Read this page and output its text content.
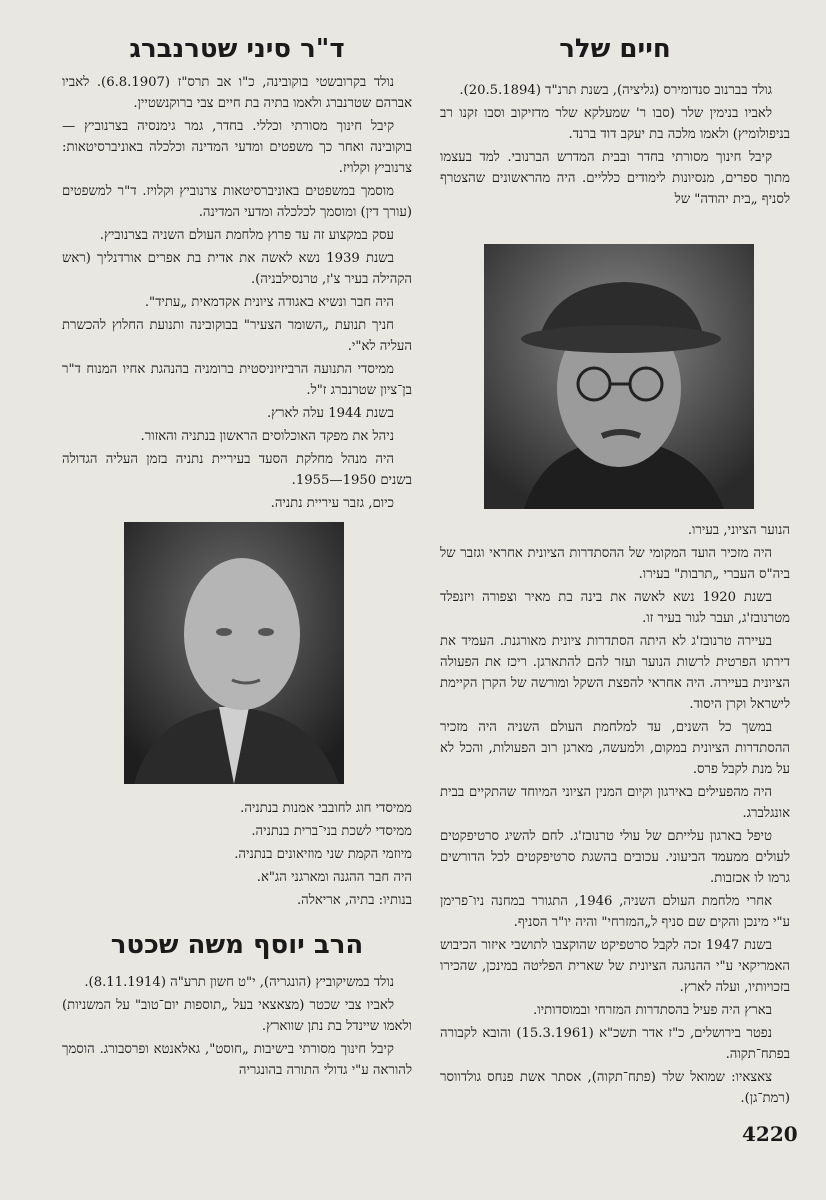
חיים שלר

גולד בברנוב סנדומירס (גליציה), בשנת תרנ"ד (20.5.1894).

לאביו בנימין שלר (סבו ר' שמעלקא שלר מדזיקוב וסבו זקנו רב בניפולומיץ) ולאמו מלכה בת יעקב דוד ברנד.

קיבל חינוך מסורתי בחדר ובבית המדרש הברנובי. למד בעצמו מתוך ספרים, מנסיונות לימודים כלליים. היה מהראשונים שהצטרף לסניף „בית יהודה" של

הנוער הציוני, בעירו.

היה מזכיר הועד המקומי של ההסתדרות הציונית אחראי וגזבר של ביה"ס העברי „תרבות" בעירו.

בשנת 1920 נשא לאשה את בינה בת מאיר וצפורה ויזנפלד מטרנובז'ג, ועבר לגור בעיר זו.

בעיירה טרנובז'ג לא היתה הסתדרות ציונית מאורגנת. העמיד את דירתו הפרטית לרשות הנוער ועזר להם להתארגן. ריכז את הפעולה הציונית בעיירה. היה אחראי להפצת השקל ומורשה של הקרן הקיימת לישראל וקרן היסוד.

במשך כל השנים, עד למלחמת העולם השניה היה מזכיר ההסתדרות הציונית במקום, ולמעשה, מארגן רוב הפעולות, והכל לא על מנת לקבל פרס.

היה מהפעילים באירגון וקיום המנין הציוני המיוחד שהתקיים בבית אונגלברג.

טיפל בארגון עלייתם של עולי טרנובז'ג. לחם להשיג סרטיפקטים לעולים ממעמד הביעוני. עכובים בהשגת סרטיפקטים לכל הדורשים גרמו לו אכזבות.

אחרי מלחמת העולם השניה, 1946, התגורר במחנה ניו־פרימן ע"י מינכן והקים שם סניף ל„המזרחי" והיה יו"ר הסניף.

בשנת 1947 זכה לקבל סרטפיקט שהוקצבו לתושבי איזור הכיבוש האמריקאי ע"י ההנהגה הציונית של שארית הפליטה במינכן, שהכירו בזכויותיו, ועלה לארץ.

בארץ היה פעיל בהסתדרות המזרחי ובמוסדותיו.

נפטר בירושלים, כ"ז אדר תשכ"א (15.3.1961) והובא לקבורה בפתח־תקוה.

צאצאיו: שמואל שלר (פתח־תקוה), אסתר אשת פנחס גולדווסר (רמת־גן).

ד"ר סיני שטרנברג

נולד בקרובשטי בוקובינה, כ"ו אב תרס"ז (6.8.1907). לאביו אברהם שטרנברג ולאמו בתיה בת חיים צבי ברוקנשטיין.

קיבל חינוך מסורתי וכללי. בחדר, גמר גימנסיה בצרנוביץ — בוקובינה ואחר כך משפטים ומדעי המדינה וכלכלה באוניברסיטאות: צרנוביץ וקלויז.

מוסמך במשפטים באוניברסיטאות צרנוביץ וקלויז. ד"ר למשפטים (עורך דין) ומוסמך לכלכלה ומדעי המדינה.

עסק במקצוע זה עד פרוץ מלחמת העולם השניה בצרנוביץ.

בשנת 1939 נשא לאשה את אדית בת אפרים אורדנליך (ראש הקהילה בעיר צ'ז, טרנסילבניה).

היה חבר ונשיא באגודה ציונית אקדמאית „עתיד".

חניך תנועת „השומר הצעיר" בבוקובינה ותנועת החלוץ להכשרת העליה לא"י.

ממיסדי התנועה הרביזיוניסטית ברומניה בהנהגת אחיו המנוח ד"ר בן־ציון שטרנברג ז"ל.

בשנת 1944 עלה לארץ.

ניהל את מפקד האוכלוסים הראשון בנתניה והאזור.

היה מנהל מחלקת הסעד בעיריית נתניה בזמן העליה הגדולה בשנים 1950—1955.

כיום, גזבר עיריית נתניה.

ממיסדי חוג לחובבי אמנות בנתניה.

ממיסדי לשכת בני־ברית בנתניה.

מיוזמי הקמת שני מוזיאונים בנתניה.

היה חבר ההגנה ומארגני הג"א.

בנותיו: בתיה, אריאלה.

הרב יוסף משה שכטר

נולד במשיקוביץ (הונגריה), י"ט חשון תרע"ה (8.11.1914).

לאביו צבי שכטר (מצאצאי בעל „תוספות יום־טוב" על המשניות) ולאמו שיינדל בת נתן שווארץ.

קיבל חינוך מסורתי בישיבות „חוסט", גאלאנטא ופרסבורג. הוסמך להוראה ע"י גדולי התורה בהונגריה

4220
